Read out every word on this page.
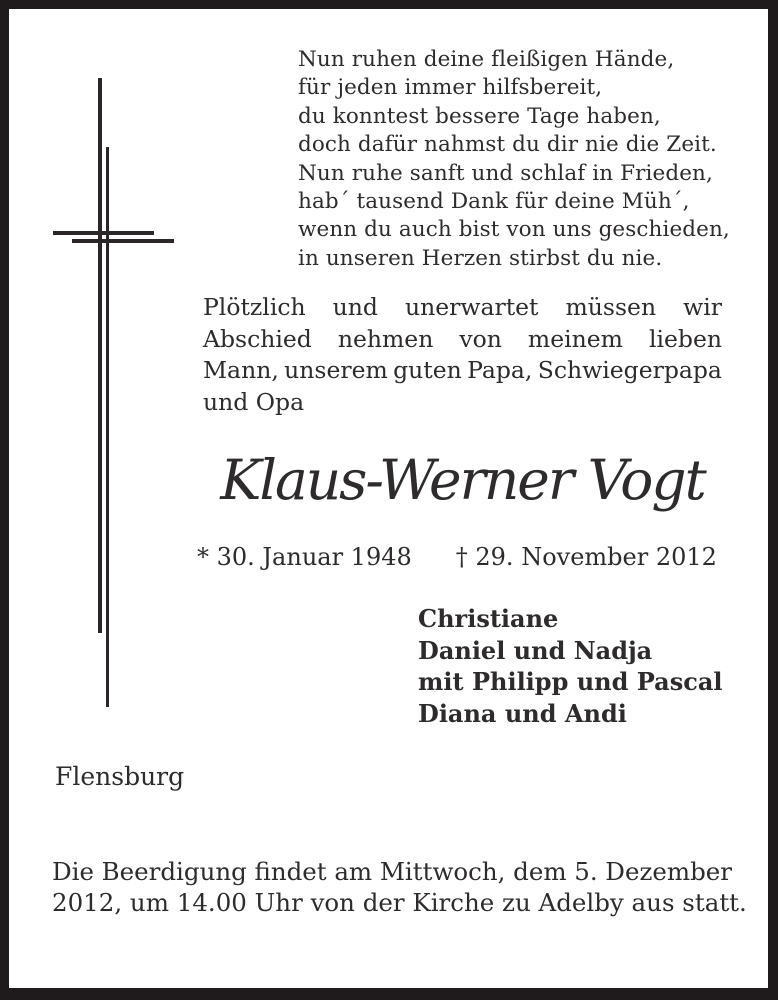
Nun ruhen deine fleißigen Hände,
für jeden immer hilfsbereit,
du konntest bessere Tage haben,
doch dafür nahmst du dir nie die Zeit.
Nun ruhe sanft und schlaf in Frieden,
hab´ tausend Dank für deine Müh´,
wenn du auch bist von uns geschieden,
in unseren Herzen stirbst du nie.
Plötzlich und unerwartet müssen wir
Abschied nehmen von meinem lieben
Mann, unserem guten Papa, Schwiegerpapa
und Opa
Klaus-Werner Vogt
* 30. Januar 1948 † 29. November 2012
Christiane
Daniel und Nadja
mit Philipp und Pascal
Diana und Andi
Flensburg
Die Beerdigung findet am Mittwoch, dem 5. Dezember
2012, um 14.00 Uhr von der Kirche zu Adelby aus statt.
